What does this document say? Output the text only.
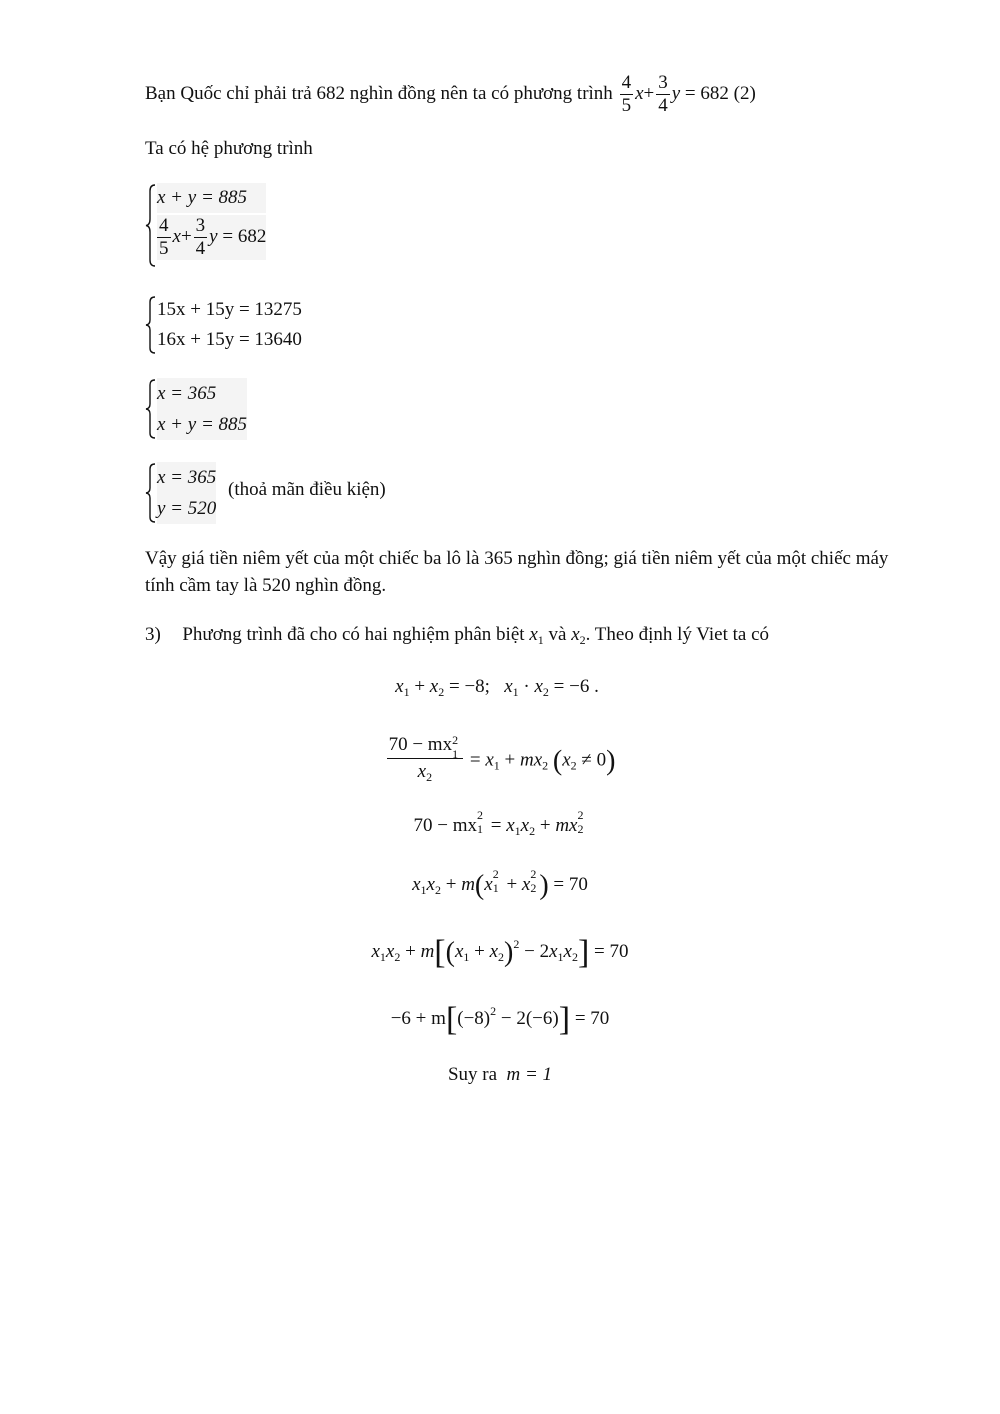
Bạn Quốc chỉ phải trả 682 nghìn đồng nên ta có phương trình $\frac{4}{5} x+ \frac{3}{4}$ y = 682 (2)
Ta có hệ phương trình
x + y = 885
$\frac{4}{5} x+ \frac{3}{4}$ y = 682
15x + 15y = 13275
16x + 15y = 13640
x = 365
x + y = 885
x = 365
y = 520
(thoả mãn điều kiện)
Vậy giá tiền niêm yết của một chiếc ba lô là 365 nghìn đồng; giá tiền niêm yết của một chiếc máy
tính cầm tay là 520 nghìn đồng.
3) Phương trình đã cho có hai nghiệm phân biệt $x_1$ và $x_2$. Theo định lý Viet ta có
$x_1 + x_2 = -8$; $x_1 \cdot x_2 = -6$ .
70 − mx 2
1
$x_2 = x_1 + mx_2$ $(x_2 \ne 0)$
70 − mx 2
$1 = x_1x_2$ + mx 2
2
$x_1x_2 + m(x$ 2
1 + x 2
2 ) = 70
$x_1x_2 + m[(x_1 + x_2)^2 - 2x_1x_2] = 70$
$-6 + m[(-8)^2 - 2(-6)] = 70$
Suy ra m = 1
